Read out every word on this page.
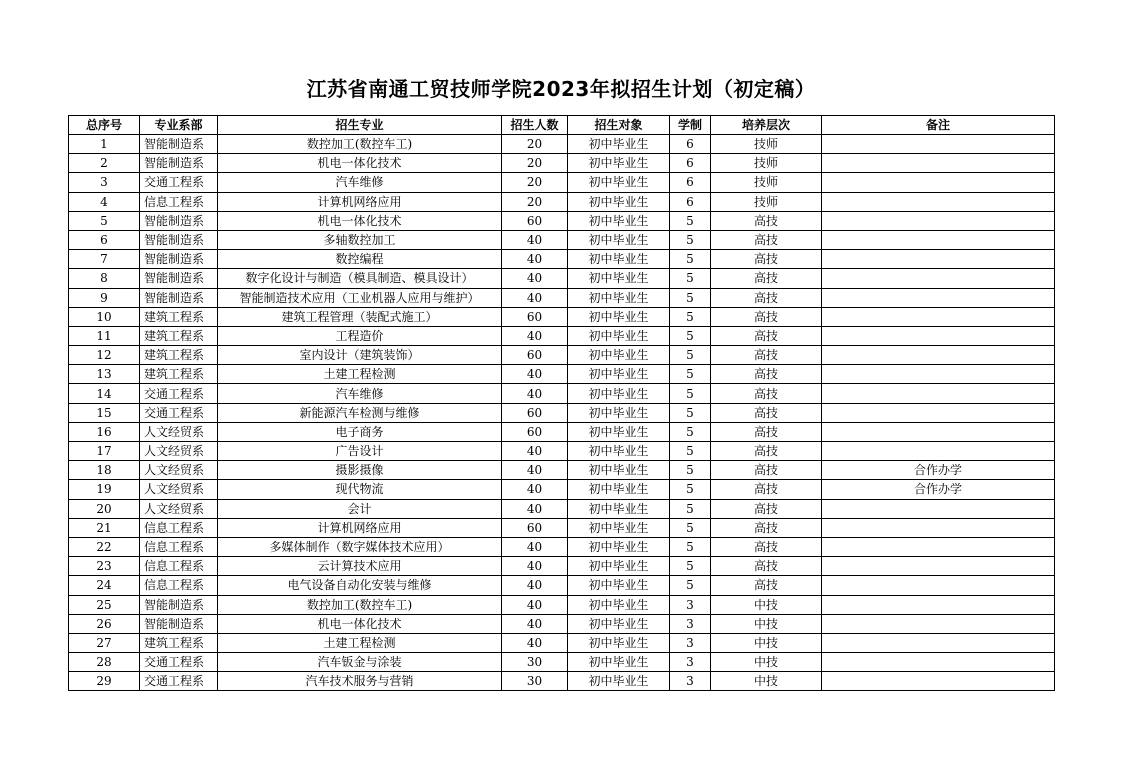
江苏省南通工贸技师学院2023年拟招生计划（初定稿）
总序号	专业系部	招生专业	招生人数	招生对象	学制	培养层次	备注
1	智能制造系	数控加工(数控车工)	20	初中毕业生	6	技师	
2	智能制造系	机电一体化技术	20	初中毕业生	6	技师	
3	交通工程系	汽车维修	20	初中毕业生	6	技师	
4	信息工程系	计算机网络应用	20	初中毕业生	6	技师	
5	智能制造系	机电一体化技术	60	初中毕业生	5	高技	
6	智能制造系	多轴数控加工	40	初中毕业生	5	高技	
7	智能制造系	数控编程	40	初中毕业生	5	高技	
8	智能制造系	数字化设计与制造（模具制造、模具设计）	40	初中毕业生	5	高技	
9	智能制造系	智能制造技术应用（工业机器人应用与维护）	40	初中毕业生	5	高技	
10	建筑工程系	建筑工程管理（装配式施工）	60	初中毕业生	5	高技	
11	建筑工程系	工程造价	40	初中毕业生	5	高技	
12	建筑工程系	室内设计（建筑装饰）	60	初中毕业生	5	高技	
13	建筑工程系	土建工程检测	40	初中毕业生	5	高技	
14	交通工程系	汽车维修	40	初中毕业生	5	高技	
15	交通工程系	新能源汽车检测与维修	60	初中毕业生	5	高技	
16	人文经贸系	电子商务	60	初中毕业生	5	高技	
17	人文经贸系	广告设计	40	初中毕业生	5	高技	
18	人文经贸系	摄影摄像	40	初中毕业生	5	高技	合作办学
19	人文经贸系	现代物流	40	初中毕业生	5	高技	合作办学
20	人文经贸系	会计	40	初中毕业生	5	高技	
21	信息工程系	计算机网络应用	60	初中毕业生	5	高技	
22	信息工程系	多媒体制作（数字媒体技术应用）	40	初中毕业生	5	高技	
23	信息工程系	云计算技术应用	40	初中毕业生	5	高技	
24	信息工程系	电气设备自动化安装与维修	40	初中毕业生	5	高技	
25	智能制造系	数控加工(数控车工)	40	初中毕业生	3	中技	
26	智能制造系	机电一体化技术	40	初中毕业生	3	中技	
27	建筑工程系	土建工程检测	40	初中毕业生	3	中技	
28	交通工程系	汽车钣金与涂装	30	初中毕业生	3	中技	
29	交通工程系	汽车技术服务与营销	30	初中毕业生	3	中技	
